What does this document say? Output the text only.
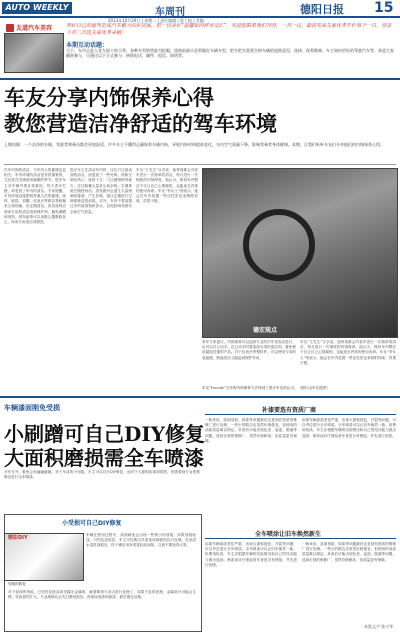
AUTO WEEKLY	车周刊	德阳日报 15
2013年10月29日 | 星期二 | 责任编辑 | 版 | 校 | 美编
友道汽车美容	养好自己的座驾是成汽车魅力的好见底，把一切美好“温馨如同样享受汇”，欢迎您联系我们刊登，一刊一议，最获奖品先着优秀专栏每个一日，登录下刊二次选先看优秀采稿！
本期互动话题：
当下，车市正进入金九银十的当季，各种车型销售最为抢眼。选购前最应必须做好车辆车型，把车把关需要合格车辆的选购意见、选择、保养维修、车主如何更好的驾驶汽车等，欢迎大家踊跃参与，可通过以下方式参与：热线电话、邮件、短信、网络等。
车友分享内饰保养心得
教您营造洁净舒适的驾车环境
上期回顾：一个洁净的车厢，驾驶者和乘员都会更加舒适。许多车主不懂得正确保养车辆内饰，导致内饰材料提前老化，车内空气质量下降，影响驾乘者身体健康。本期，让我们听听车友们分享他们的内饰保养心得。
汽车内饰的清洁，与车内人的健康息息相关。车内环境的清洁是非常重要的，尤其是在空调使用频繁的季节。很多车主对车辆外观非常重视，每天洗车打蜡，却忽视了车内的清洁。专家提醒，车内环境直接影响驾乘人员的健康。座椅、地毯、顶棚、仪表台等都容易积聚灰尘和细菌，应定期清洁。真皮座椅应使用专用的清洁剂和保护剂，避免暴晒和划伤。绒布座椅可以用吸尘器吸除灰尘，再用专用清洁剂擦洗。
很多车主在清洁车内时，往往只注意表面的清洁，而忽视了一些死角。例如空调出风口、座椅下方、门边储物格等地方，往往积累大量灰尘和杂物。空调系统长期使用后，蒸发箱内会滋生大量细菌和霉菌，产生异味，建议定期进行空调系统清洗消毒。另外，车内不要放置过多的装饰物和香水，以免影响驾驶安全和空气质量。
车友“王先生”分享说，他每周都会对爱车进行一次简单的清洁，每月进行一次彻底的内饰保养。他认为，保持车内整洁不仅让自己心情愉悦，也能延长内饰的使用寿命。车友“李女士”则表示，她会在车内放置一些活性炭包来吸附异味，效果不错。
德宏现点
养车专家建议，内饰保养可以选择专业的汽车美容店进行，也可以自己动手。自己动手时要选择合适的清洁剂，避免使用腐蚀性强的产品。对于仪表台等塑料件，可以使用专用的表板蜡，既能清洁又能起到保护作用。
车友“王先生”分享说，他每周都会对爱车进行一次简单的清洁，每月进行一次彻底的内饰保养。他认为，保持车内整洁不仅让自己心情愉悦，也能延长内饰的使用寿命。车友“李女士”则表示，她会在车内放置一些活性炭包来吸附异味，效果不错。
车友“Fuuniki”分享的内饰保养方法得到了很多车友的认可。（图片由车友提供）
车辆漆面刚免受损
小刷蹭可自己DIY修复
大面积磨损需全车喷漆
开车在外，难免会有磕磕碰碰。对于车漆的小划痕，车主可以自行DIY修复；而对于大面积的漆面损伤，则需要到专业的维修店进行全车喷漆。
小受损可自己DIY修复
精彩DIY	车辆在使用过程中，漆面难免会出现一些细小的划痕。如果划痕较浅，只伤及清漆层，车主可以购买补漆笔或研磨剂自行处理。先用清水清洗划痕处，待干燥后用补漆笔轻轻涂抹，注意不要涂得太厚。
划痕的修复
对于较深的划痕，已经伤及底漆甚至露出金属的，就需要到专业店进行处理了。如果不及时处理，金属部分可能会生锈，导致损伤扩大。专业维修店会先打磨划痕处，再喷涂底漆和面漆，最后抛光处理。
补漆要选有资质厂商
一般来说，漆面划痕、掉漆等问题最好还是到有资质的维修厂进行处理。一些小的路边店虽然价格便宜，但使用的油漆质量难以保证，补漆后可能出现色差、起泡、脱落等问题。选择正规的维修厂，虽然价格稍高，但质量更有保障。
如果车辆漆面老化严重，出现大面积褪色、开裂等问题，可以考虑进行全车喷漆。全车喷漆可以让旧车焕然一新，但费用较高，车主应根据车辆的实际情况和自己的经济能力做出选择。喷漆前应仔细检查车身是否有锈蚀，并先进行处理。
全车喷涂让旧车焕然新生
如果车辆漆面老化严重，出现大面积褪色、开裂等问题，可以考虑进行全车喷漆。全车喷漆可以让旧车焕然一新，但费用较高，车主应根据车辆的实际情况和自己的经济能力做出选择。喷漆前应仔细检查车身是否有锈蚀，并先进行处理。
一般来说，漆面划痕、掉漆等问题最好还是到有资质的维修厂进行处理。一些小的路边店虽然价格便宜，但使用的油漆质量难以保证，补漆后可能出现色差、起泡、脱落等问题。选择正规的维修厂，虽然价格稍高，但质量更有保障。
本版文字 陈兴华
